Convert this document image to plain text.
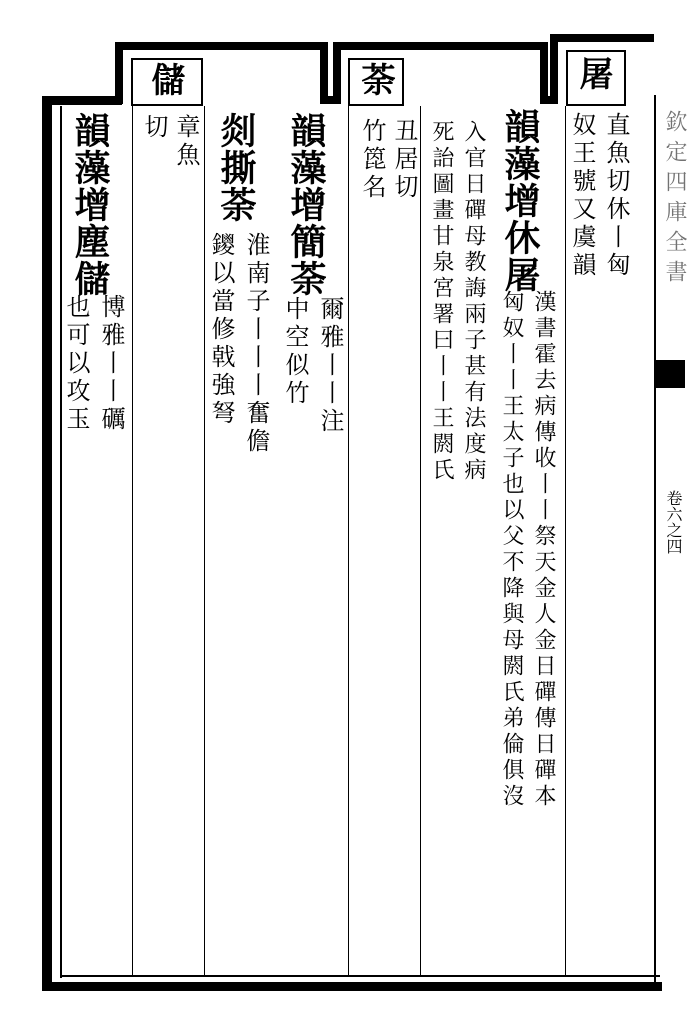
儲	荼	屠
韻藻增塵儲
也可以攻玉 博雅丨丨礪
切 章魚 剡撕荼
鑁以當修戟強弩 淮南子丨丨丨奮儋
韻藻增簡荼
中空似竹 爾雅丨丨注
竹箆名 丑居切 死詒圖畫甘泉宮署曰丨丨王閼氏 入官日磾母教誨兩子甚有法度病 韻藻增休屠
匈奴丨丨王太子也以父不降與母閼氏弟倫俱沒 漢書霍去病傳收丨丨祭天金人金日磾傳日磾本
奴王號又虞韻 直魚切休丨匈 欽定四庫全書
卷六之四
